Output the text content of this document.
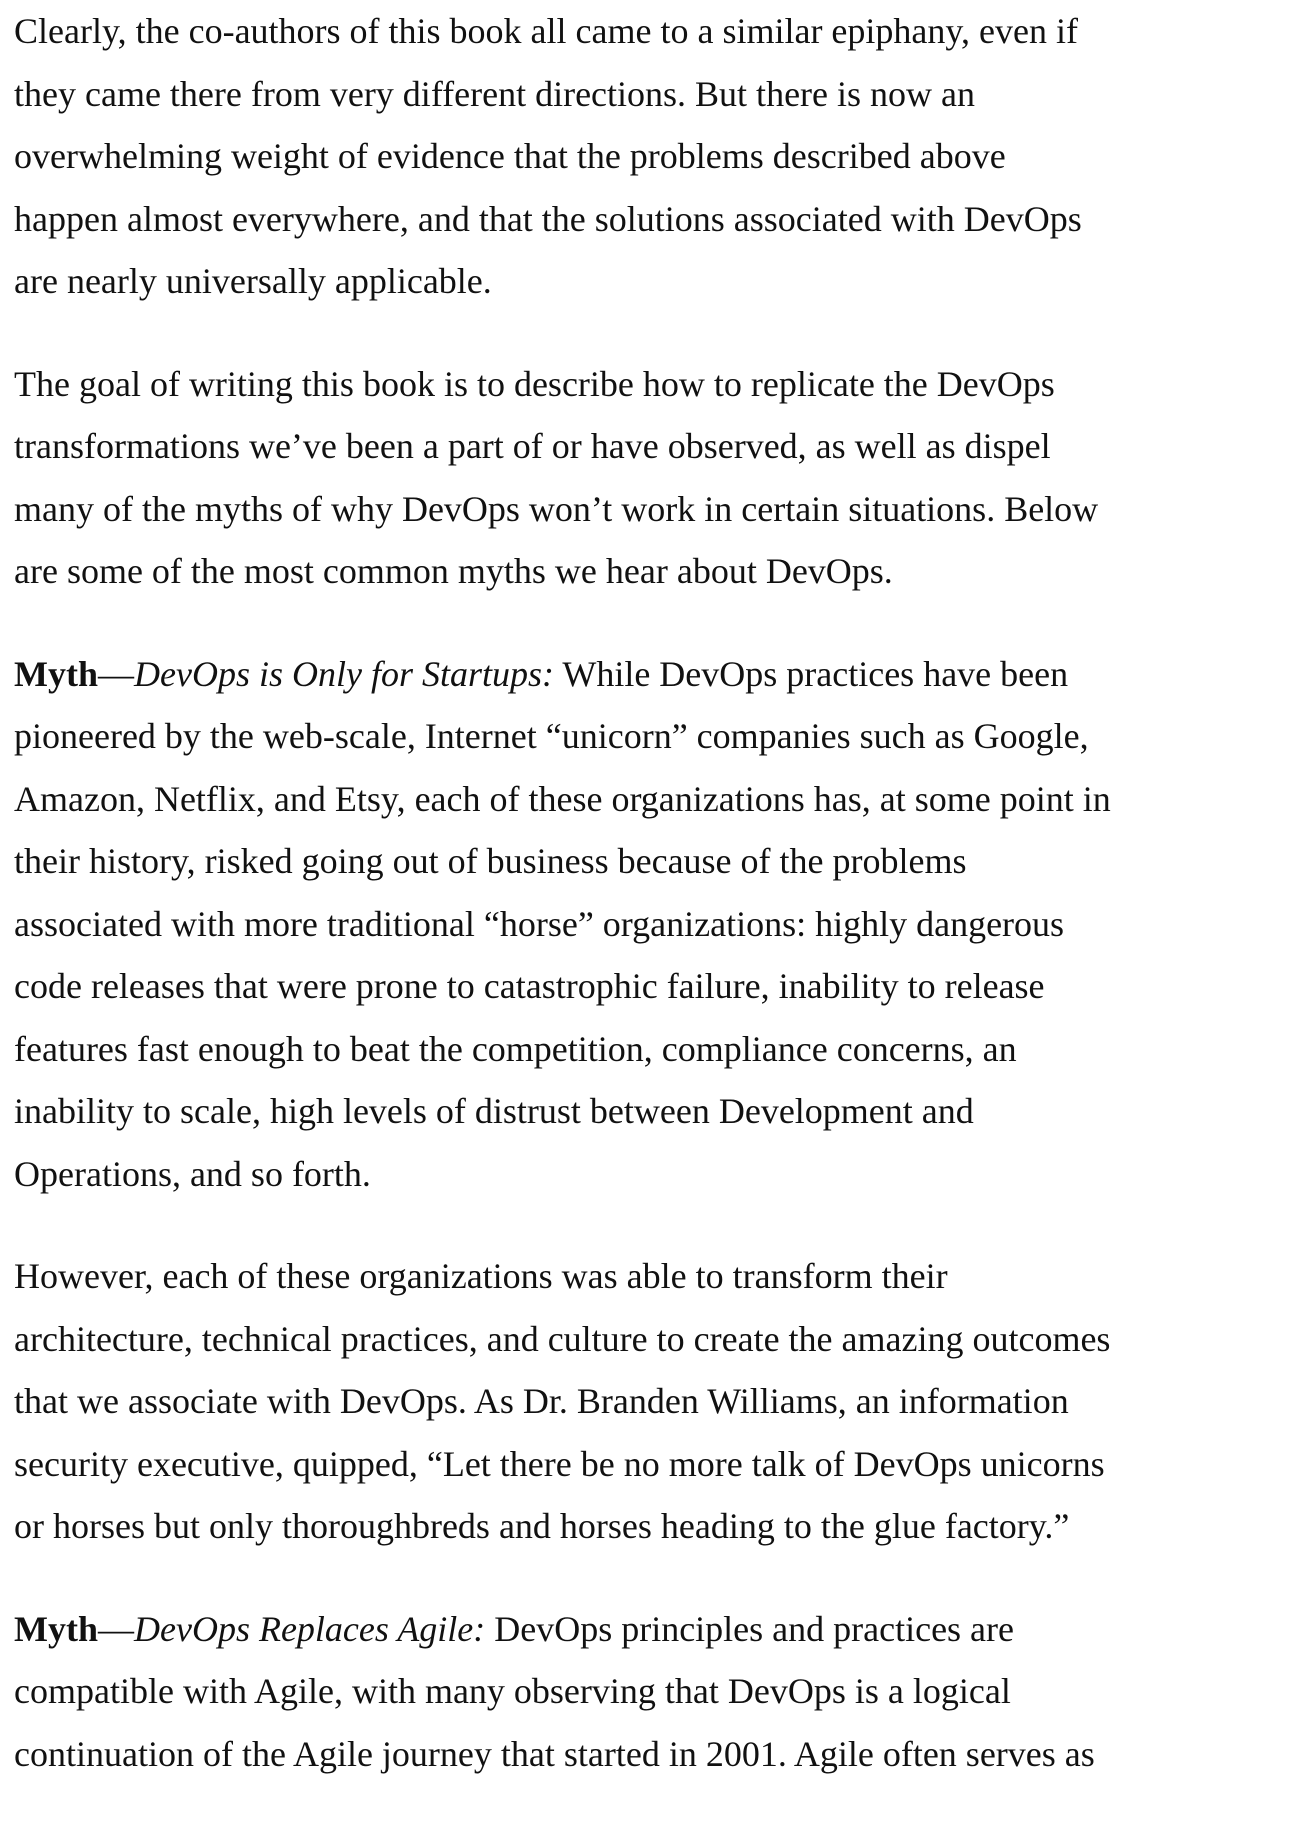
Clearly, the co-authors of this book all came to a similar epiphany, even if
they came there from very different directions. But there is now an
overwhelming weight of evidence that the problems described above
happen almost everywhere, and that the solutions associated with DevOps
are nearly universally applicable.

The goal of writing this book is to describe how to replicate the DevOps
transformations we’ve been a part of or have observed, as well as dispel
many of the myths of why DevOps won’t work in certain situations. Below
are some of the most common myths we hear about DevOps.

Myth—DevOps is Only for Startups: While DevOps practices have been
pioneered by the web-scale, Internet “unicorn” companies such as Google,
Amazon, Netflix, and Etsy, each of these organizations has, at some point in
their history, risked going out of business because of the problems
associated with more traditional “horse” organizations: highly dangerous
code releases that were prone to catastrophic failure, inability to release
features fast enough to beat the competition, compliance concerns, an
inability to scale, high levels of distrust between Development and
Operations, and so forth.

However, each of these organizations was able to transform their
architecture, technical practices, and culture to create the amazing outcomes
that we associate with DevOps. As Dr. Branden Williams, an information
security executive, quipped, “Let there be no more talk of DevOps unicorns
or horses but only thoroughbreds and horses heading to the glue factory.”

Myth—DevOps Replaces Agile: DevOps principles and practices are
compatible with Agile, with many observing that DevOps is a logical
continuation of the Agile journey that started in 2001. Agile often serves as
